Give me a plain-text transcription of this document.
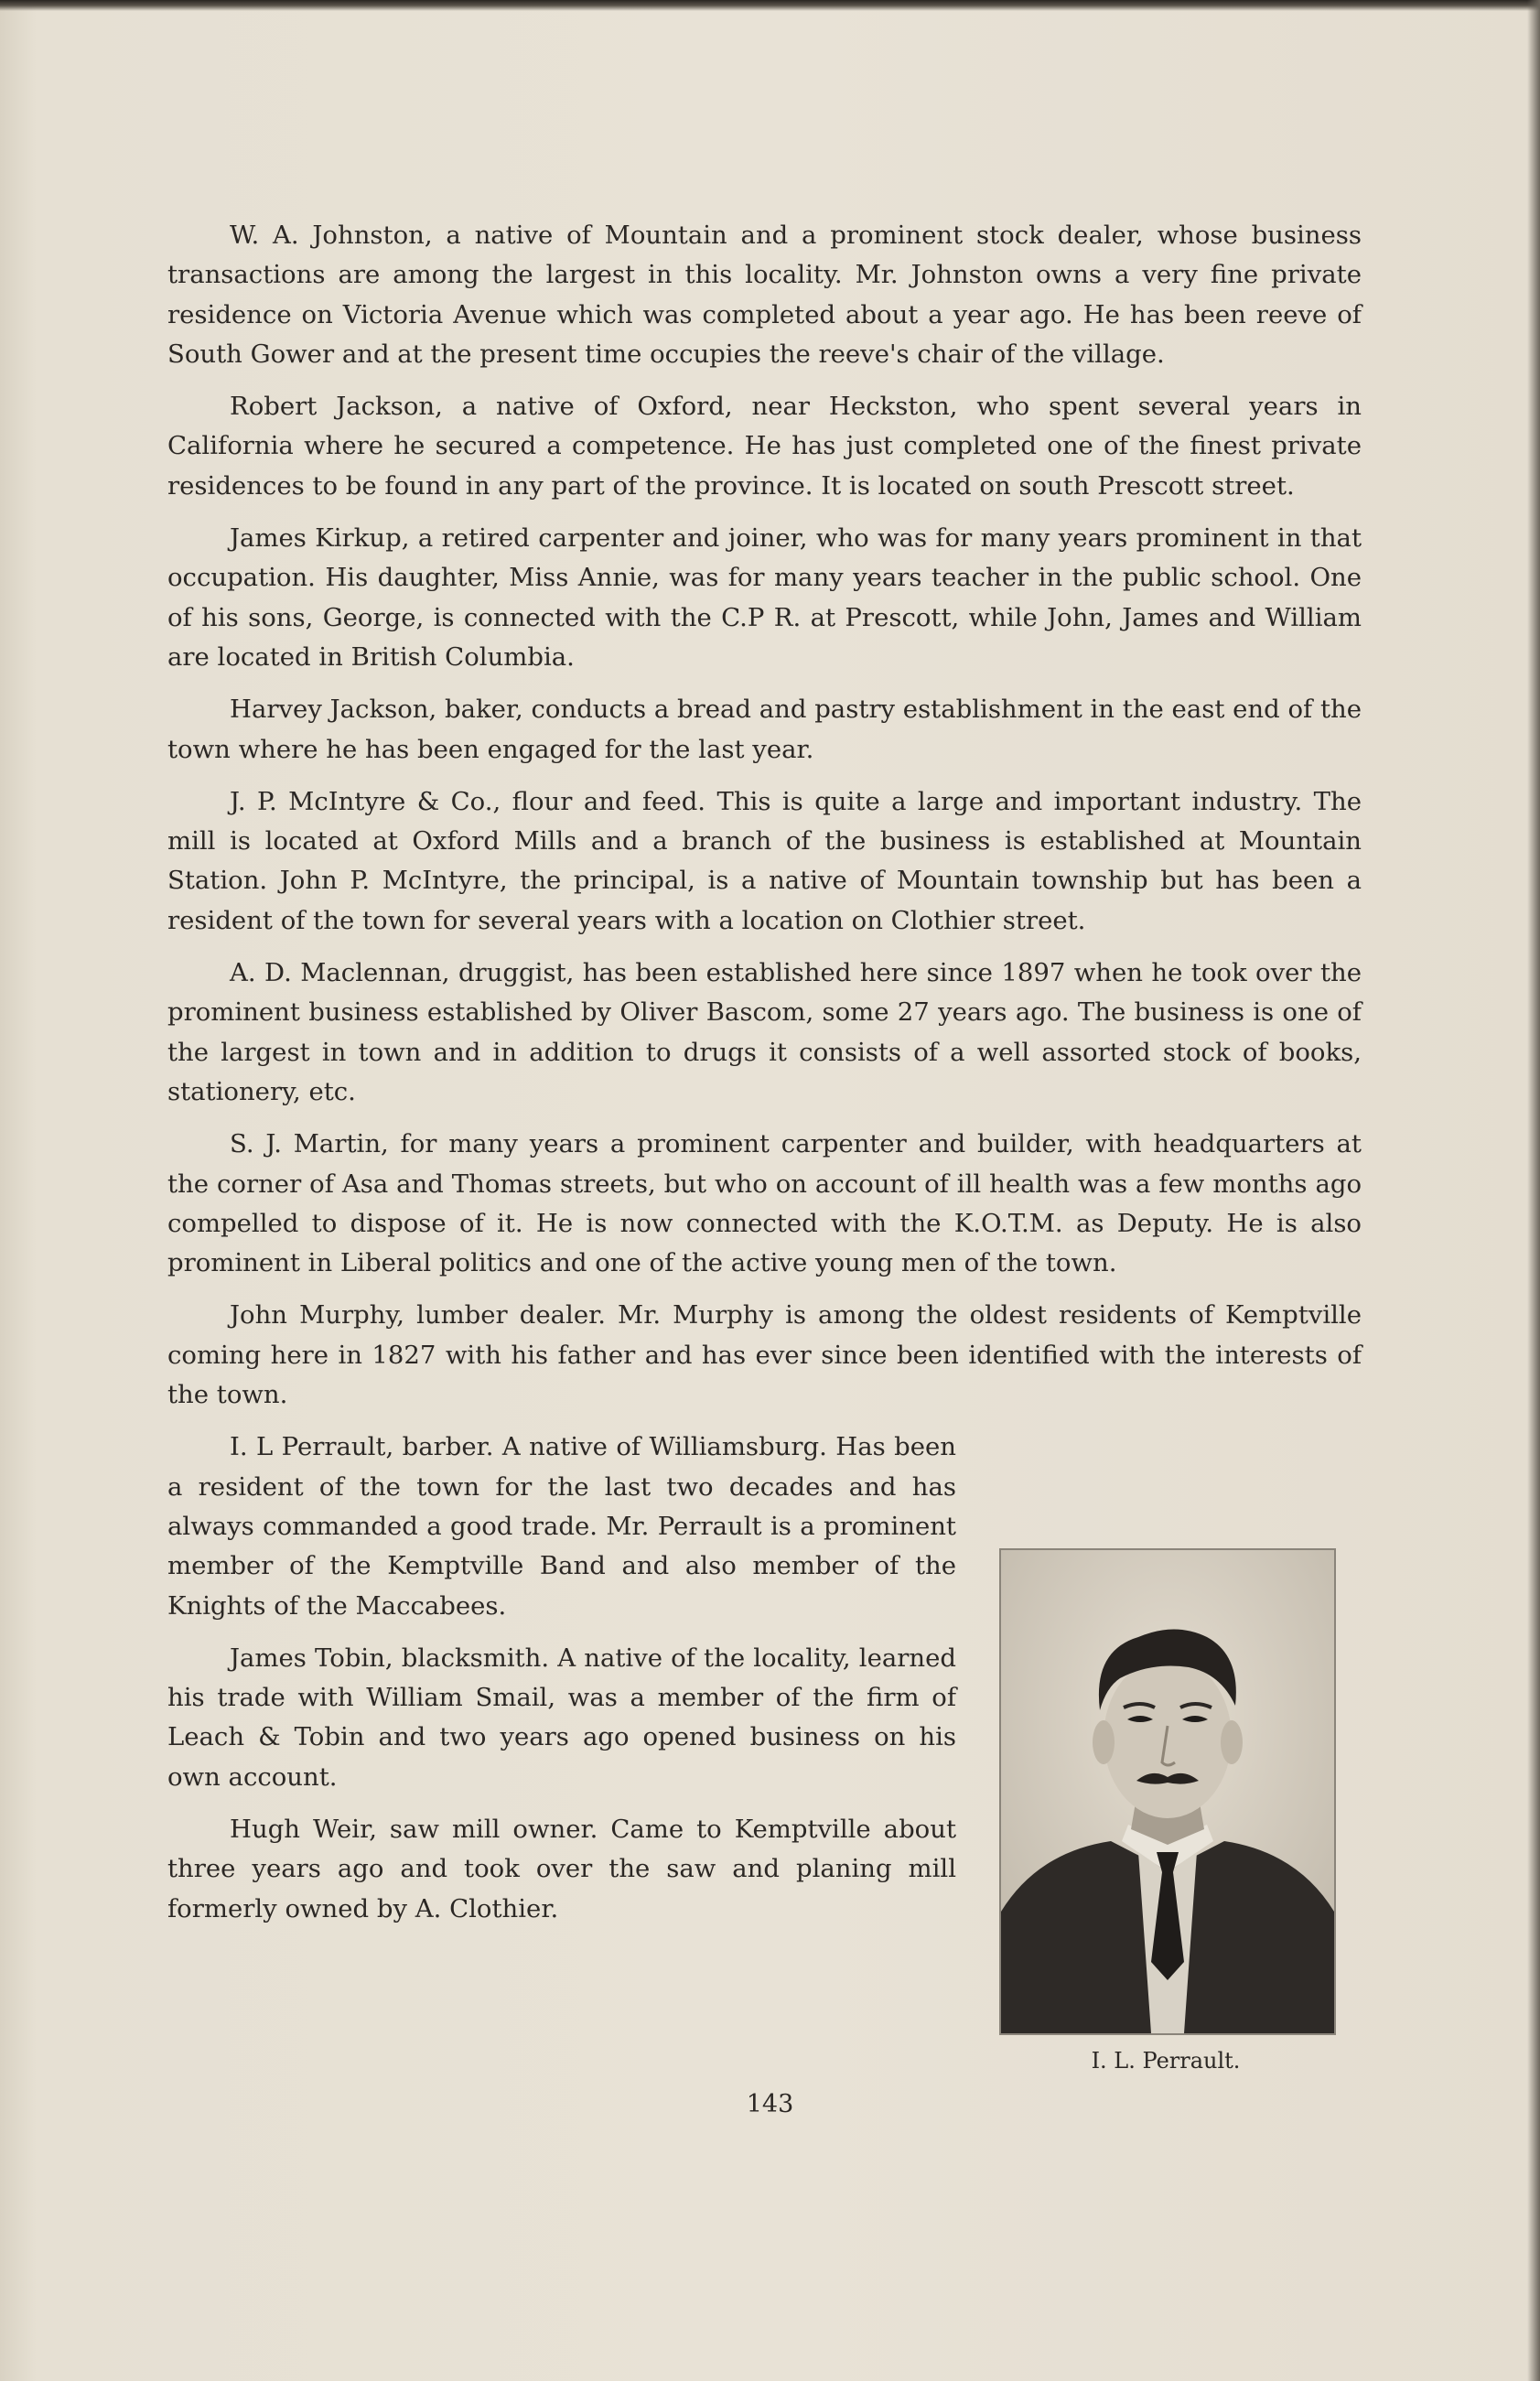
W. A. Johnston, a native of Mountain and a prominent stock dealer, whose business transactions are among the largest in this locality. Mr. Johnston owns a very fine private residence on Victoria Avenue which was completed about a year ago. He has been reeve of South Gower and at the present time occupies the reeve's chair of the village.

Robert Jackson, a native of Oxford, near Heckston, who spent several years in California where he secured a competence. He has just completed one of the finest private residences to be found in any part of the province. It is located on south Prescott street.

James Kirkup, a retired carpenter and joiner, who was for many years prominent in that occupation. His daughter, Miss Annie, was for many years teacher in the public school. One of his sons, George, is connected with the C.P R. at Prescott, while John, James and William are located in British Columbia.

Harvey Jackson, baker, conducts a bread and pastry establishment in the east end of the town where he has been engaged for the last year.

J. P. McIntyre & Co., flour and feed. This is quite a large and important industry. The mill is located at Oxford Mills and a branch of the business is established at Mountain Station. John P. McIntyre, the principal, is a native of Mountain township but has been a resident of the town for several years with a location on Clothier street.

A. D. Maclennan, druggist, has been established here since 1897 when he took over the prominent business established by Oliver Bascom, some 27 years ago. The business is one of the largest in town and in addition to drugs it consists of a well assorted stock of books, stationery, etc.

S. J. Martin, for many years a prominent carpenter and builder, with headquarters at the corner of Asa and Thomas streets, but who on account of ill health was a few months ago compelled to dispose of it. He is now connected with the K.O.T.M. as Deputy. He is also prominent in Liberal politics and one of the active young men of the town.

John Murphy, lumber dealer. Mr. Murphy is among the oldest residents of Kemptville coming here in 1827 with his father and has ever since been identified with the interests of the town.

I. L Perrault, barber. A native of Williamsburg. Has been a resident of the town for the last two decades and has always commanded a good trade. Mr. Perrault is a prominent member of the Kemptville Band and also member of the Knights of the Maccabees.

James Tobin, blacksmith. A native of the locality, learned his trade with William Smail, was a member of the firm of Leach & Tobin and two years ago opened business on his own account.

Hugh Weir, saw mill owner. Came to Kemptville about three years ago and took over the saw and planing mill formerly owned by A. Clothier.

I. L. Perrault.
143
